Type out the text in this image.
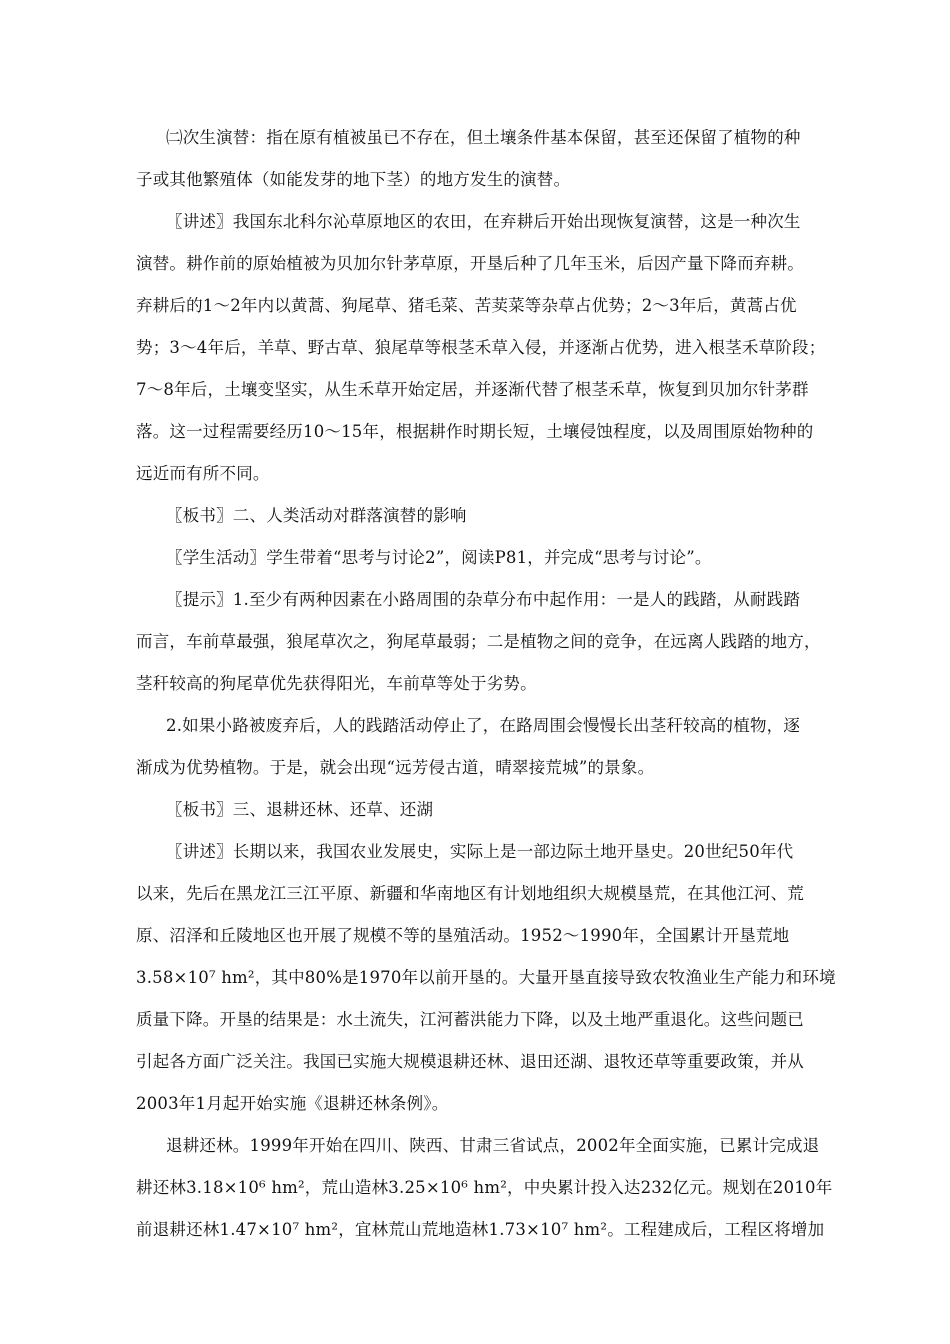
㈡次生演替：指在原有植被虽已不存在，但土壤条件基本保留，甚至还保留了植物的种
子或其他繁殖体（如能发芽的地下茎）的地方发生的演替。
〖讲述〗我国东北科尔沁草原地区的农田，在弃耕后开始出现恢复演替，这是一种次生
演替。耕作前的原始植被为贝加尔针茅草原，开垦后种了几年玉米，后因产量下降而弃耕。
弃耕后的1～2年内以黄蒿、狗尾草、猪毛菜、苦荬菜等杂草占优势；2～3年后，黄蒿占优
势；3～4年后，羊草、野古草、狼尾草等根茎禾草入侵，并逐渐占优势，进入根茎禾草阶段；
7～8年后，土壤变坚实，从生禾草开始定居，并逐渐代替了根茎禾草，恢复到贝加尔针茅群
落。这一过程需要经历10～15年，根据耕作时期长短，土壤侵蚀程度，以及周围原始物种的
远近而有所不同。
〖板书〗二、人类活动对群落演替的影响
〖学生活动〗学生带着“思考与讨论2”，阅读P81，并完成“思考与讨论”。
〖提示〗1.至少有两种因素在小路周围的杂草分布中起作用：一是人的践踏，从耐践踏
而言，车前草最强，狼尾草次之，狗尾草最弱；二是植物之间的竞争，在远离人践踏的地方，
茎秆较高的狗尾草优先获得阳光，车前草等处于劣势。
2.如果小路被废弃后，人的践踏活动停止了，在路周围会慢慢长出茎秆较高的植物，逐
渐成为优势植物。于是，就会出现“远芳侵古道，晴翠接荒城”的景象。
〖板书〗三、退耕还林、还草、还湖
〖讲述〗长期以来，我国农业发展史，实际上是一部边际土地开垦史。20世纪50年代
以来，先后在黑龙江三江平原、新疆和华南地区有计划地组织大规模垦荒，在其他江河、荒
原、沼泽和丘陵地区也开展了规模不等的垦殖活动。1952～1990年，全国累计开垦荒地
3.58×10⁷ hm²，其中80%是1970年以前开垦的。大量开垦直接导致农牧渔业生产能力和环境
质量下降。开垦的结果是：水土流失，江河蓄洪能力下降，以及土地严重退化。这些问题已
引起各方面广泛关注。我国已实施大规模退耕还林、退田还湖、退牧还草等重要政策，并从
2003年1月起开始实施《退耕还林条例》。
退耕还林。1999年开始在四川、陕西、甘肃三省试点，2002年全面实施，已累计完成退
耕还林3.18×10⁶ hm²，荒山造林3.25×10⁶ hm²，中央累计投入达232亿元。规划在2010年
前退耕还林1.47×10⁷ hm²，宜林荒山荒地造林1.73×10⁷ hm²。工程建成后，工程区将增加
